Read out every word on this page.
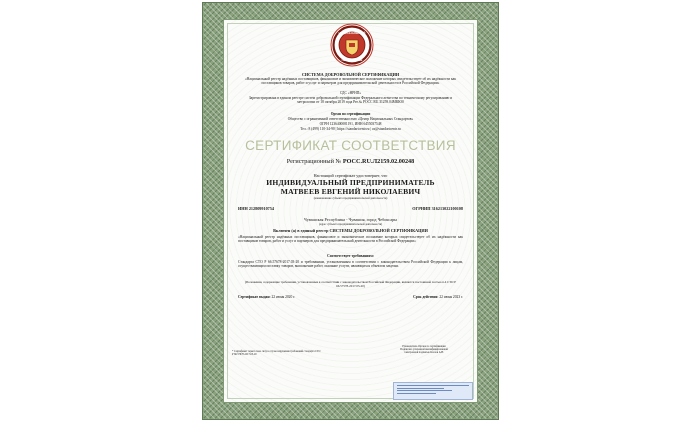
НАЦИОНАЛЬНЫЙ
ПОСТАВЩИКОВ
СИСТЕМА ДОБРОВОЛЬНОЙ СЕРТИФИКАЦИИ
«Национальный реестр надёжных поставщиков, финансовое и экономическое положение которых свидетельствует об их надёжности как поставщиков товаров, работ и услуг и партнеров для предпринимательской деятельности в Российской Федерации»
СДС «НРНП»
Зарегистрирована в едином реестре систем добровольной сертификации Федерального агентства по техническому регулированию и метрологии от 18 октября 2019 года Рег.№ РОСС RU.З1259.04МКЮ0
Орган по сертификации
Общество с ограниченной ответственностью «Центр Национальных Стандартов»
ОГРН 1236400081191, ИНН 6455037548
Тел.: 8 (499) 110-34-90 | https://standartcentr.ru | os@standartcentr.ru
СЕРТИФИКАТ СООТВЕТСТВИЯ
Регистрационный № РОСС.RU.Л2159.02.00248
Настоящий сертификат удостоверяет, что
ИНДИВИДУАЛЬНЫЙ ПРЕДПРИНИМАТЕЛЬ
МАТВЕЕВ ЕВГЕНИЙ НИКОЛАЕВИЧ
(наименование субъекта предпринимательской деятельности)
ИНН 212809910754	ОГРНИП 316213022100108
Чувашская Республика - Чувашия, город Чебоксары
(адрес субъекта предпринимательской деятельности)
Включен (а) в единый реестр СИСТЕМЫ ДОБРОВОЛЬНОЙ СЕРТИФИКАЦИИ
«Национальный реестр надёжных поставщиков, финансовое и экономическое положение которых свидетельствует об их надёжности как поставщиков товаров, работ и услуг и партнеров для предпринимательской деятельности в Российской Федерации»
Соответствует требованиям:
Стандарта СТО Р 66.57678-2017.03-20 и требованиям, установленным в соответствии с законодательством Российской Федерации к лицам, осуществляющим поставку товаров, выполнение работ, оказание услуги, являющихся объектом закупки.
(Положения, содержащие требования, установленные в соответствии с законодательством Российской Федерации, являются постоянной частью п.4 СТО Р 66.57578-2017.03-20)
Сертификат выдан: 22 июня 2020 г.	Срок действия: 22 июня 2023 г.
* Сертификат теряет свою силу в случае нарушения требований стандарта СТО Р 66.57678-2017.03-20
Руководитель Органа по сертификации
Подписано усиленной квалифицированной
электронной подписью Козлов А.Н.
